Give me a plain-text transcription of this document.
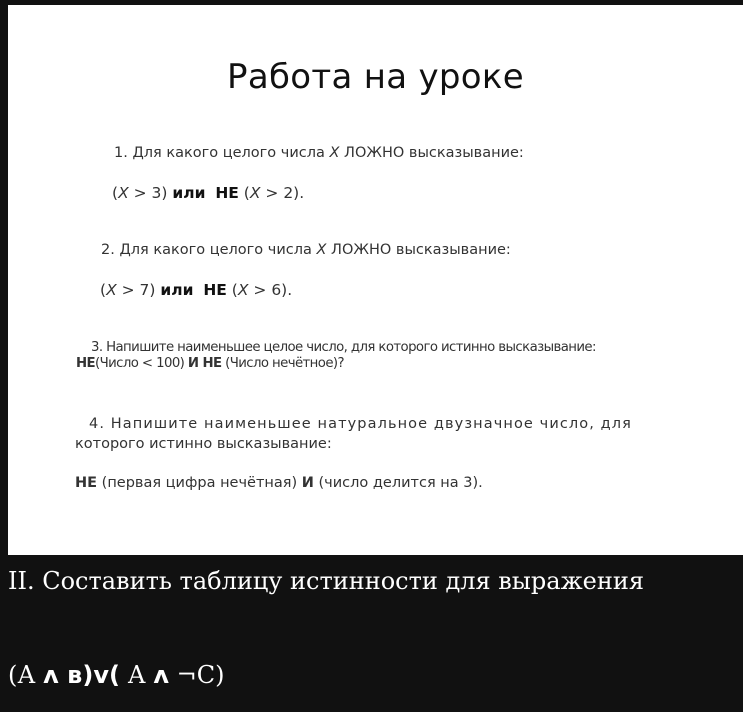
Работа на уроке
1. Для какого целого числа X ЛОЖНО высказывание:
(X > 3) или НЕ (X > 2).
2. Для какого целого числа X ЛОЖНО высказывание:
(X > 7) или НЕ (X > 6).
3. Напишите наименьшее целое число, для которого истинно высказывание:
НЕ(Число < 100) И НЕ (Число нечётное)?
4. Напишите наименьшее натуральное двузначное число, для
которого истинно высказывание:
НЕ (первая цифра нечётная) И (число делится на 3).
II. Составить таблицу истинности для выражения
(А ʌ в)ᴠ( А ʌ ¬С)
